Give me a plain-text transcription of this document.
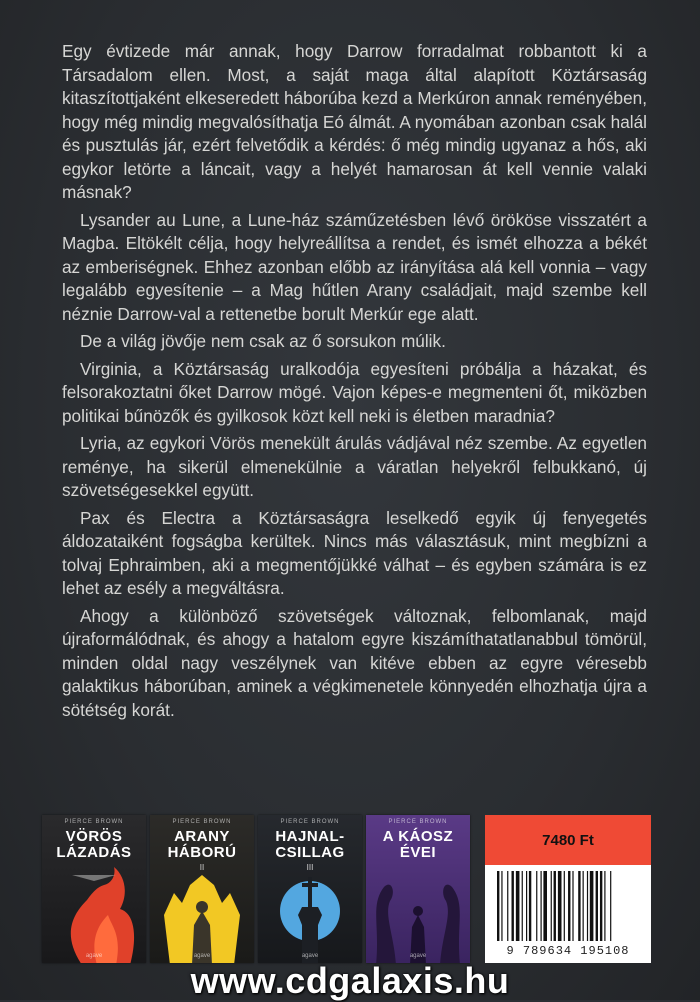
Egy évtizede már annak, hogy Darrow forradalmat robbantott ki a Társadalom ellen. Most, a saját maga által alapított Köztársaság kitaszítottjaként elkeseredett háborúba kezd a Merkúron annak reményében, hogy még mindig megvalósíthatja Eó álmát. A nyomában azonban csak halál és pusztulás jár, ezért felvetődik a kérdés: ő még mindig ugyanaz a hős, aki egykor letörte a láncait, vagy a helyét hamarosan át kell vennie valaki másnak?

Lysander au Lune, a Lune-ház száműzetésben lévő örököse visszatért a Magba. Eltökélt célja, hogy helyreállítsa a rendet, és ismét elhozza a békét az emberiségnek. Ehhez azonban előbb az irányítása alá kell vonnia – vagy legalább egyesítenie – a Mag hűtlen Arany családjait, majd szembe kell néznie Darrow-val a rettenetbe borult Merkúr ege alatt.

De a világ jövője nem csak az ő sorsukon múlik.

Virginia, a Köztársaság uralkodója egyesíteni próbálja a házakat, és felsorakoztatni őket Darrow mögé. Vajon képes-e megmenteni őt, miközben politikai bűnözők és gyilkosok közt kell neki is életben maradnia?

Lyria, az egykori Vörös menekült árulás vádjával néz szembe. Az egyetlen reménye, ha sikerül elmenekülnie a váratlan helyekről felbukkanó, új szövetségesekkel együtt.

Pax és Electra a Köztársaságra leselkedő egyik új fenyegetés áldozataiként fogságba kerültek. Nincs más választásuk, mint megbízni a tolvaj Ephraimben, aki a megmentőjükké válhat – és egyben számára is ez lehet az esély a megváltásra.

Ahogy a különböző szövetségek változnak, felbomlanak, majd újraformálódnak, és ahogy a hatalom egyre kiszámíthatatlanabbul tömörül, minden oldal nagy veszélynek van kitéve ebben az egyre véresebb galaktikus háborúban, aminek a végkimenetele könnyedén elhozhatja újra a sötétség korát.

PIERCE BROWN
VÖRÖS
LÁZADÁS
agave
PIERCE BROWN
ARANY
HÁBORÚ
II
agave
PIERCE BROWN
HAJNAL-
CSILLAG
III
agave
PIERCE BROWN
A KÁOSZ
ÉVEI
agave
7480 Ft
9 789634 195108
www.cdgalaxis.hu
